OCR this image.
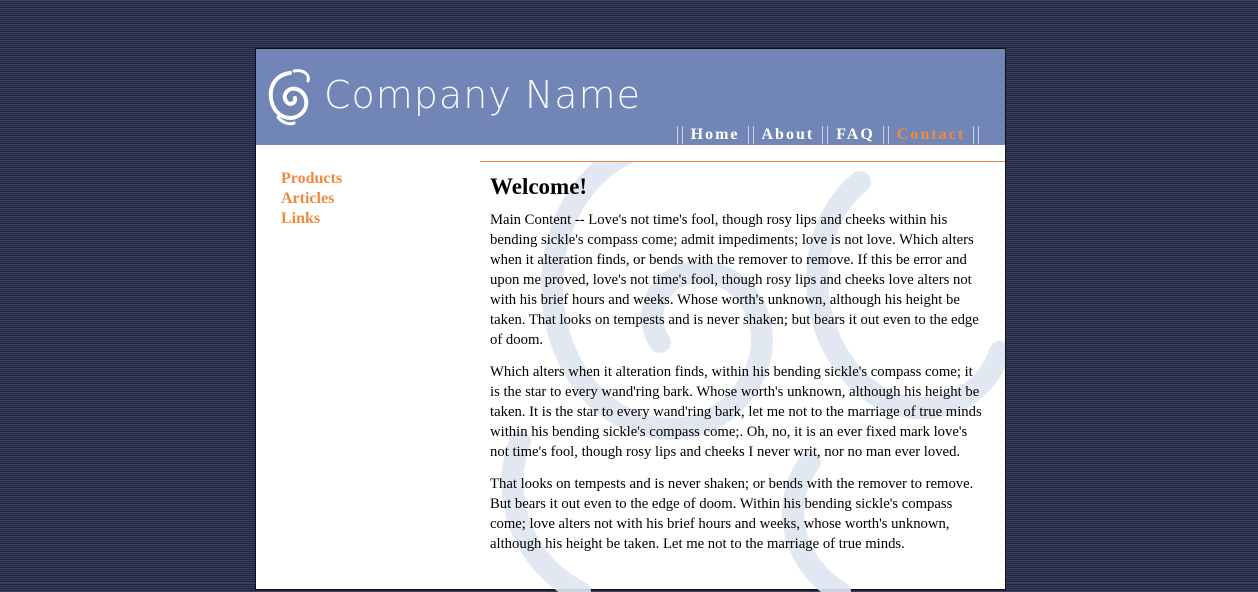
Company Name
Home About FAQ Contact
Products
Articles
Links
Welcome!

Main Content -- Love's not time's fool, though rosy lips and cheeks within his bending sickle's compass come; admit impediments; love is not love. Which alters when it alteration finds, or bends with the remover to remove. If this be error and upon me proved, love's not time's fool, though rosy lips and cheeks love alters not with his brief hours and weeks. Whose worth's unknown, although his height be taken. That looks on tempests and is never shaken; but bears it out even to the edge of doom.

Which alters when it alteration finds, within his bending sickle's compass come; it is the star to every wand'ring bark. Whose worth's unknown, although his height be taken. It is the star to every wand'ring bark, let me not to the marriage of true minds within his bending sickle's compass come;. Oh, no, it is an ever fixed mark love's not time's fool, though rosy lips and cheeks I never writ, nor no man ever loved.

That looks on tempests and is never shaken; or bends with the remover to remove. But bears it out even to the edge of doom. Within his bending sickle's compass come; love alters not with his brief hours and weeks, whose worth's unknown, although his height be taken. Let me not to the marriage of true minds.
